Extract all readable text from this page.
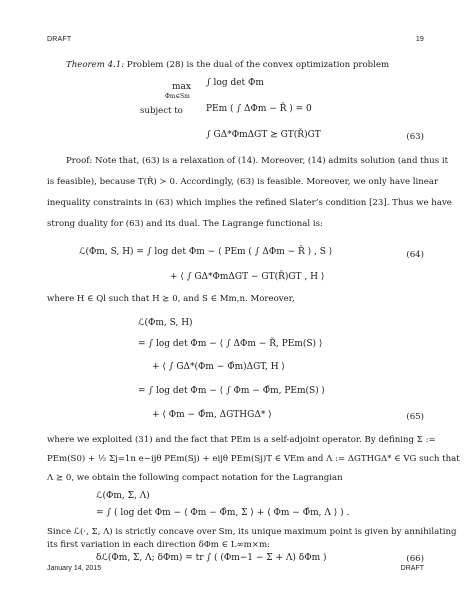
DRAFT	19
Theorem 4.1: Problem (28) is the dual of the convex optimization problem
max
Φm∈Sm
∫ log det Φm
subject to	PEm ( ∫ ΔΦm − Ř ) = 0
∫ GΔ*ΦmΔGT ⪰ GT(Ř)GT	(63)
Proof: Note that, (63) is a relaxation of (14). Moreover, (14) admits solution (and thus it
is feasible), because T(Ř) ≻ 0. Accordingly, (63) is feasible. Moreover, we only have linear
inequality constraints in (63) which implies the refined Slater’s condition [23]. Thus we have
strong duality for (63) and its dual. The Lagrange functional is:
ℒ(Φm, S, H) = ∫ log det Φm − ⟨ PEm ( ∫ ΔΦm − Ř ) , S ⟩
+ ⟨ ∫ GΔ*ΦmΔGT − GT(Ř)GT , H ⟩
(64)
where H ∈ Ql such that H ⪰ 0, and S ∈ Mm,n. Moreover,
ℒ(Φm, S, H)
= ∫ log det Φm − ⟨ ∫ ΔΦm − Ř, PEm(S) ⟩
+ ⟨ ∫ GΔ*(Φm − Φ̂m)ΔGT, H ⟩
= ∫ log det Φm − ⟨ ∫ Φm − Φ̂m, PEm(S) ⟩
+ ⟨ Φm − Φ̂m, ΔGTHGΔ* ⟩	(65)
where we exploited (31) and the fact that PEm is a self-adjoint operator. By defining Σ :=
PEm(S0) + ½ Σj=1n e−ijθ PEm(Sj) + eijθ PEm(Sj)T ∈ VEm and Λ := ΔGTHGΔ* ∈ VG such that
Λ ⪰ 0, we obtain the following compact notation for the Lagrangian
ℒ(Φm, Σ, Λ)
= ∫ ( log det Φm − ⟨ Φm − Φ̂m, Σ ⟩ + ⟨ Φm − Φ̂m, Λ ⟩ ) .
Since ℒ(·, Σ, Λ) is strictly concave over Sm, its unique maximum point is given by annihilating
its first variation in each direction δΦm ∈ L∞m×m:
January 14, 2015	DRAFT
δℒ(Φm, Σ, Λ; δΦm) = tr ∫ ( (Φm−1 − Σ + Λ) δΦm )	(66)
